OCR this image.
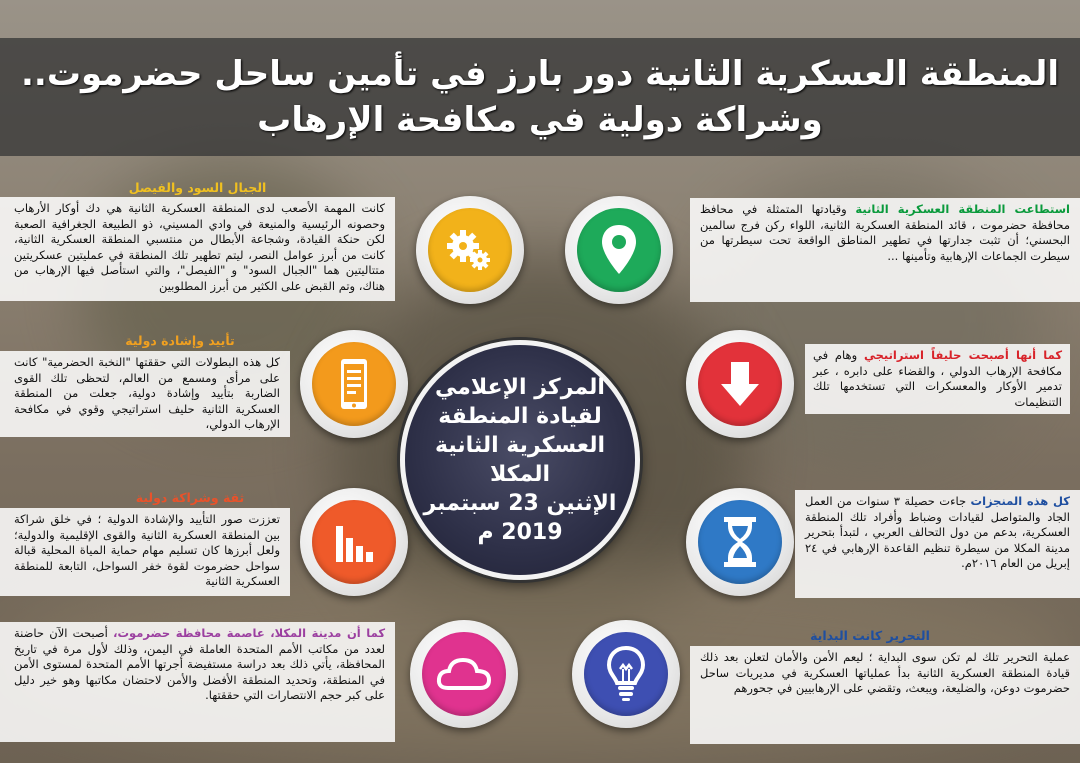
المنطقة العسكرية الثانية دور بارز في تأمين ساحل حضرموت..
وشراكة دولية في مكافحة الإرهاب
الجبال السود والفيصل
كانت المهمة الأصعب لدى المنطقة العسكرية الثانية هي دك أوكار الأرهاب وحصونه الرئيسية والمنيعة في وادي المسيني، ذو الطبيعة الجغرافية الصعبة لكن حنكة القيادة، وشجاعة الأبطال من منتسبي المنطقة العسكرية الثانية، كانت من أبرز عوامل النصر، ليتم تطهير تلك المنطقة في عمليتين عسكريتين متتاليتين هما "الجبال السود" و "الفيصل"، والتي استأصل فيها الإرهاب من هناك، وتم القبض على الكثير من أبرز المطلوبين
تأييد وإشادة دولية
كل هذه البطولات التي حققتها "النخبة الحضرمية" كانت على مرأى ومسمع من العالم، لتحظى تلك القوى الضاربة بتأييد وإشادة دولية، جعلت من المنطقة العسكرية الثانية حليف استراتيجي وقوي في مكافحة الإرهاب الدولي،
ثقة وشراكة دولية
تعززت صور التأييد والإشادة الدولية ؛ في خلق شراكة بين المنطقة العسكرية الثانية والقوى الإقليمية والدولية؛ ولعل أبرزها كان تسليم مهام حماية المياة المحلية قبالة سواحل حضرموت لقوة خفر السواحل، التابعة للمنطقة العسكرية الثانية
كما أن مدينة المكلا، عاصمة محافظة حضرموت، أصبحت الآن حاضنة لعدد من مكاتب الأمم المتحدة العاملة في اليمن، وذلك لأول مرة في تاريخ المحافظة، يأتي ذلك بعد دراسة مستفيضة أجرتها الأمم المتحدة لمستوى الأمن في المنطقة، وتحديد المنطقة الأفضل والأمن لاحتضان مكاتبها وهو خير دليل على كبر حجم الانتصارات التي حققتها.
استطاعت المنطقة العسكرية الثانية وقيادتها المتمثلة في محافظ محافظة حضرموت ، قائد المنطقة العسكرية الثانية، اللواء ركن فرج سالمين البحسني؛ أن تثبت جدارتها في تطهير المناطق الواقعة تحت سيطرتها من سيطرت الجماعات الإرهابية وتأمينها ...
كما أنها أصبحت حليفاً استراتيجي وهام في مكافحة الإرهاب الدولي ، والقضاء على دابره ، عبر تدمير الأوكار والمعسكرات التي تستخدمها تلك التنظيمات
كل هذه المنجزات جاءت حصيلة ٣ سنوات من العمل الجاد والمتواصل لقيادات وضباط وأفراد تلك المنطقة العسكرية، بدعم من دول التحالف العربي ، لتبدأ بتحرير مدينة المكلا من سيطرة تنظيم القاعدة الإرهابي في ٢٤ إبريل من العام ٢٠١٦م.
التحرير كانت البداية
عملية التحرير تلك لم تكن سوى البداية ؛ ليعم الأمن والأمان لتعلن بعد ذلك قيادة المنطقة العسكرية الثانية بدأ عملياتها العسكرية في مديريات ساحل حضرموت دوعن، والضليعة، ويبعث، وتقضي على الإرهابيين في جحورهم
المركز الإعلامي
لقيادة المنطقة
العسكرية الثانية
المكلا
الإثنين 23 سبتمبر
2019 م
